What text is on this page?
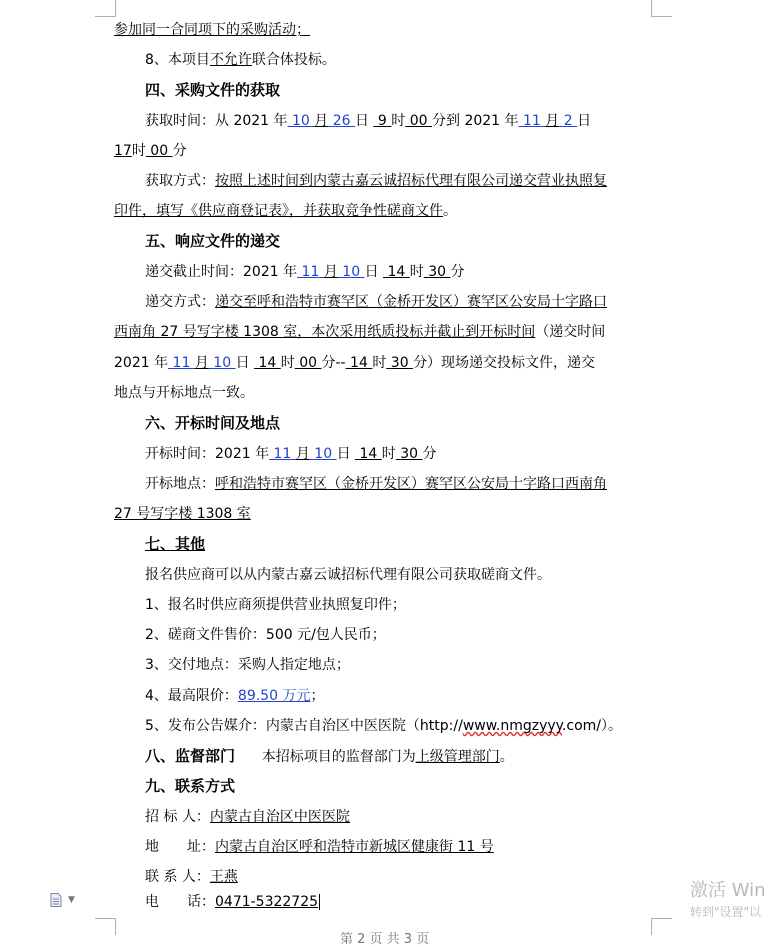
参加同一合同项下的采购活动；
8、本项目不允许联合体投标。
四、采购文件的获取
获取时间：从 2021 年 10 月 26 日 9 时 00 分到 2021 年 11 月 2 日
17时 00 分
获取方式：按照上述时间到内蒙古嘉云诚招标代理有限公司递交营业执照复
印件，填写《供应商登记表》，并获取竞争性磋商文件。
五、响应文件的递交
递交截止时间：2021 年 11 月 10 日 14 时 30 分
递交方式：递交至呼和浩特市赛罕区（金桥开发区）赛罕区公安局十字路口
西南角 27 号写字楼 1308 室，本次采用纸质投标并截止到开标时间（递交时间
2021 年 11 月 10 日 14 时 00 分-- 14 时 30 分）现场递交投标文件，递交
地点与开标地点一致。
六、开标时间及地点
开标时间：2021 年 11 月 10 日 14 时 30 分
开标地点：呼和浩特市赛罕区（金桥开发区）赛罕区公安局十字路口西南角
27 号写字楼 1308 室
七、其他
报名供应商可以从内蒙古嘉云诚招标代理有限公司获取磋商文件。
1、报名时供应商须提供营业执照复印件；
2、磋商文件售价：500 元/包人民币；
3、交付地点：采购人指定地点；
4、最高限价：89.50 万元；
5、发布公告媒介：内蒙古自治区中医医院（http://www.nmgzyyy.com/）。
八、监督部门 本招标项目的监督部门为上级管理部门。
九、联系方式
招 标 人：内蒙古自治区中医医院
地　　址：内蒙古自治区呼和浩特市新城区健康街 11 号
联 系 人：王燕
电　　话：0471-5322725
▼	激活 Win
转到"设置"以
第 2 页 共 3 页
